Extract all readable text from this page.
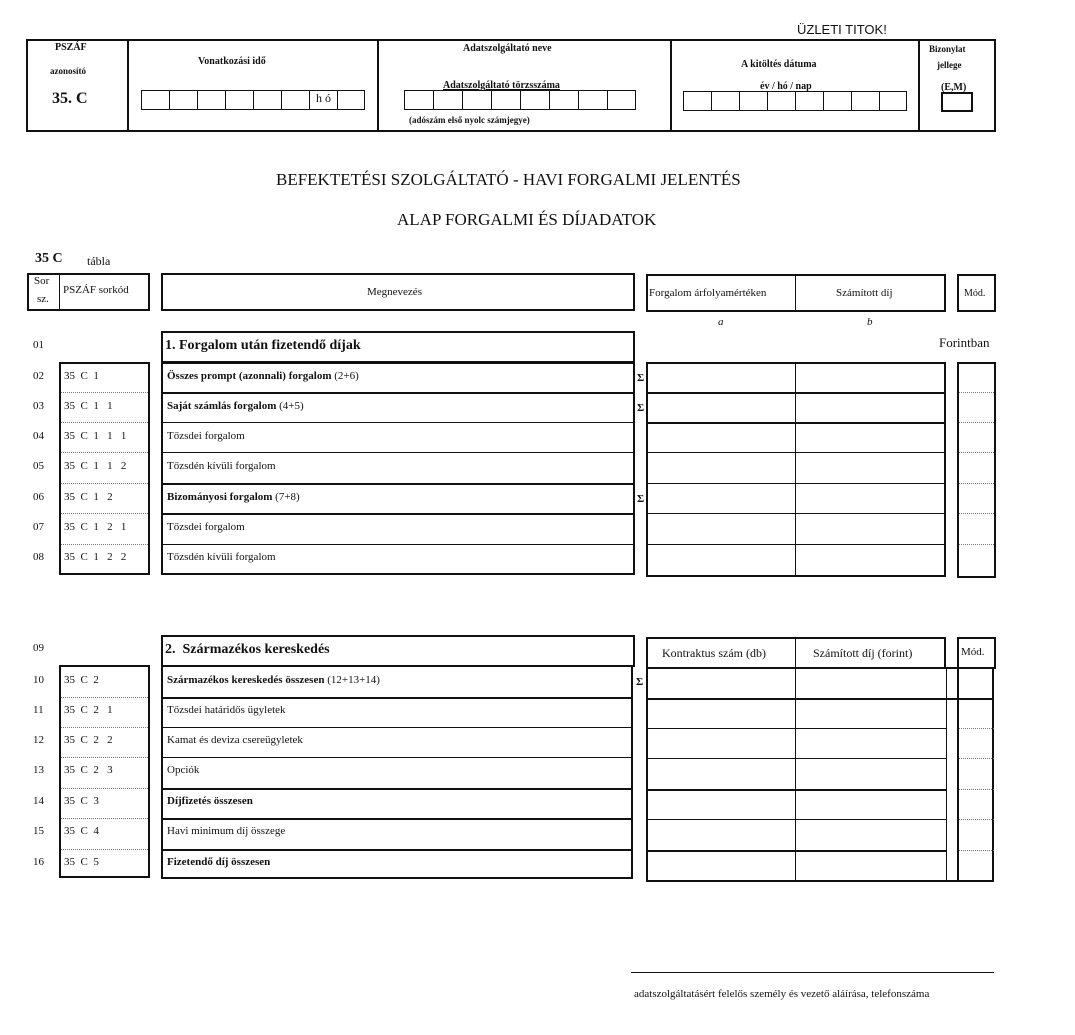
ÜZLETI TITOK!
PSZÁF
azonosító
35. C
Vonatkozási idő
h ó
Adatszolgáltató neve
Adatszolgáltató törzsszáma
(adószám első nyolc számjegye)
A kitöltés dátuma
év / hó / nap
Bizonylat
jellege
(E,M)
BEFEKTETÉSI SZOLGÁLTATÓ - HAVI FORGALMI JELENTÉS
ALAP FORGALMI ÉS DÍJADATOK
35 C tábla
Sor
sz.
PSZÁF sorkód	Megnevezés	Forgalom árfolyamértéken	Számított díj	Mód.
a	b
Forintban
01	1. Forgalom után fizetendő díjak
02 35  C  1	Összes prompt (azonnali) forgalom (2+6)	Σ
03 35  C  1   1	Saját számlás forgalom (4+5)	Σ
04 35  C  1   1   1	Tőzsdei forgalom
05 35  C  1   1   2	Tőzsdén kívüli forgalom
06 35  C  1   2	Bizományosi forgalom (7+8)	Σ
07 35  C  1   2   1	Tőzsdei forgalom
08 35  C  1   2   2	Tőzsdén kívüli forgalom
09	2.  Származékos kereskedés	Kontraktus szám (db)	Számított díj (forint)	Mód.
10 35  C  2	Származékos kereskedés összesen (12+13+14)	Σ
11 35  C  2   1	Tőzsdei határidős ügyletek
12 35  C  2   2	Kamat és deviza csereügyletek
13 35  C  2   3	Opciók
14 35  C  3	Díjfizetés összesen
15 35  C  4	Havi minimum díj összege
16 35  C  5	Fizetendő díj összesen
adatszolgáltatásért felelős személy és vezető aláírása, telefonszáma
